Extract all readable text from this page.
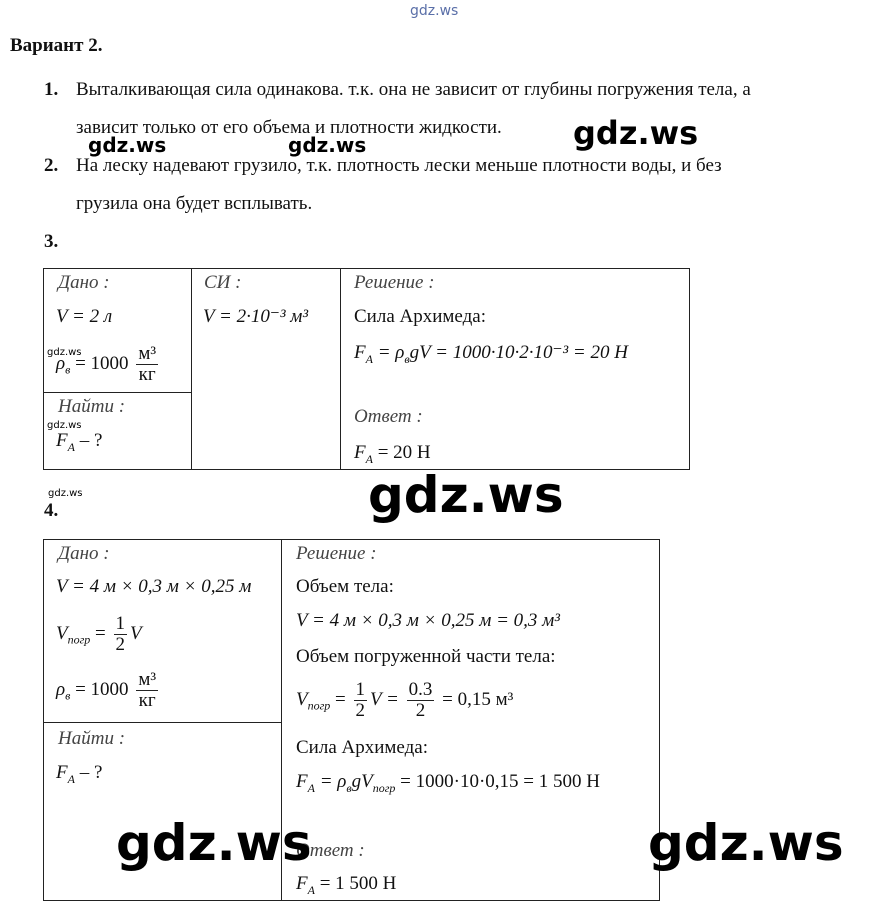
gdz.ws
Вариант 2.
1. Выталкивающая сила одинакова. т.к. она не зависит от глубины погружения тела, а
зависит только от его объема и плотности жидкости.
2. На леску надевают грузило, т.к. плотность лески меньше плотности воды, и без
грузила она будет всплывать.
3.
Дано :
V = 2 л
$\rho_в = 1000 \frac{\text{м³}}{кг}$
Найти :
$F_A$ – ?
СИ :
V = 2·10⁻³ м³
Решение :
Сила Архимеда:
$F_A = \rho_вgV = 1000\cdot 10\cdot 2\cdot 10^{-3} = 20$ Н
Ответ :
$F_A = 20$ Н
4.
Дано :
V = 4 м × 0,3 м × 0,25 м
$V_{погр} = \frac{1}{2}$ V
$\rho_в = 1000 \frac{\text{м³}}{кг}$
Найти :
$F_A$ – ?
Решение :
Объем тела:
V = 4 м × 0,3 м × 0,25 м = 0,3 м³
Объем погруженной части тела:
$V_{погр} = \frac{1}{2}$ $V = \frac{0.3}{2} = 0,15$ м³
Сила Архимеда:
$F_A = \rho_вgV_{погр} = 1000\cdot 10\cdot 0,15 = 1$ 500 Н
Ответ :
$F_A = 1$ 500 Н
gdz.ws
gdz.ws	gdz.ws
gdz.ws
gdz.ws
gdz.ws	gdz.ws
gdz.ws	gdz.ws
